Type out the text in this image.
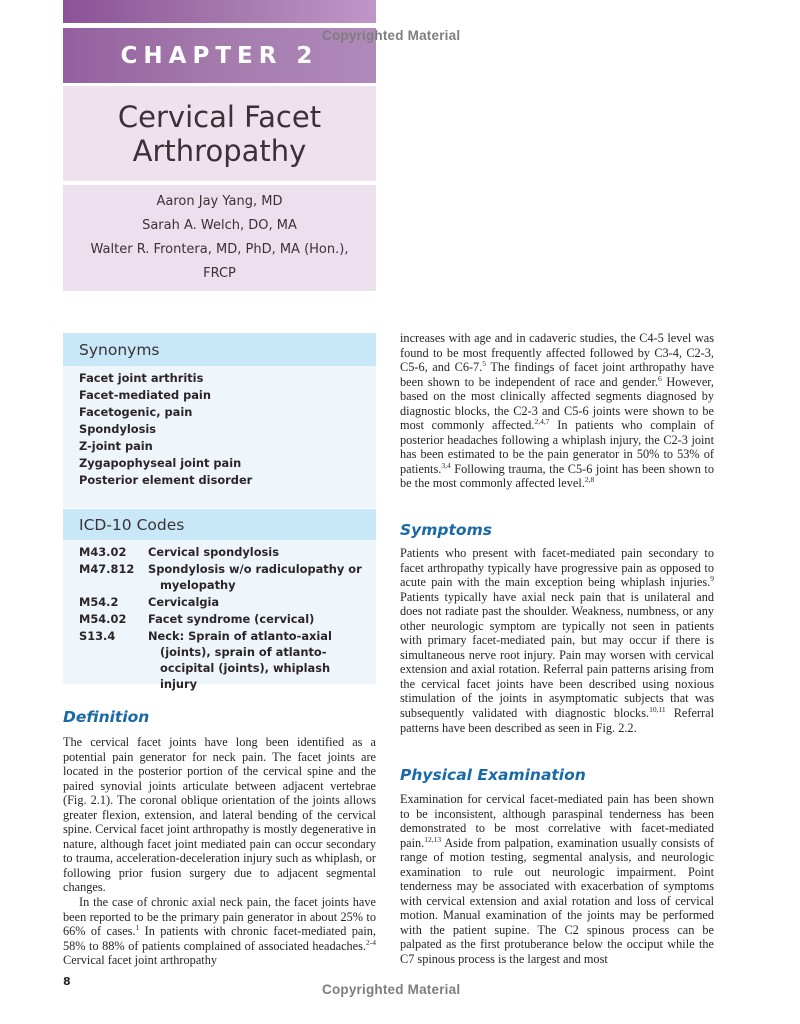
CHAPTER 2
Copyrighted Material
Cervical Facet
Arthropathy
Aaron Jay Yang, MD
Sarah A. Welch, DO, MA
Walter R. Frontera, MD, PhD, MA (Hon.),
FRCP
Synonyms
Facet joint arthritis
Facet-mediated pain
Facetogenic, pain
Spondylosis
Z-joint pain
Zygapophyseal joint pain
Posterior element disorder
ICD-10 Codes
M43.02	Cervical spondylosis
M47.812	Spondylosis w/o radiculopathy or myelopathy
M54.2	Cervicalgia
M54.02	Facet syndrome (cervical)
S13.4	Neck: Sprain of atlanto-axial (joints), sprain of atlanto-occipital (joints), whiplash injury
Definition

The cervical facet joints have long been identified as a potential pain generator for neck pain. The facet joints are located in the posterior portion of the cervical spine and the paired synovial joints articulate between adjacent vertebrae (Fig. 2.1). The coronal oblique orientation of the joints allows greater flexion, extension, and lateral bending of the cervical spine. Cervical facet joint arthropathy is mostly degenerative in nature, although facet joint mediated pain can occur secondary to trauma, acceleration-deceleration injury such as whiplash, or following prior fusion surgery due to adjacent segmental changes.

In the case of chronic axial neck pain, the facet joints have been reported to be the primary pain generator in about 25% to 66% of cases.$^1$ In patients with chronic facet-mediated pain, 58% to 88% of patients complained of associated headaches.$^{2-4}$ Cervical facet joint arthropathy

increases with age and in cadaveric studies, the C4-5 level was found to be most frequently affected followed by C3-4, C2-3, C5-6, and C6-7.$^5$ The findings of facet joint arthropathy have been shown to be independent of race and gender.$^6$ However, based on the most clinically affected segments diagnosed by diagnostic blocks, the C2-3 and C5-6 joints were shown to be most commonly affected.$^{2,4,7}$ In patients who complain of posterior headaches following a whiplash injury, the C2-3 joint has been estimated to be the pain generator in 50% to 53% of patients.$^{3,4}$ Following trauma, the C5-6 joint has been shown to be the most commonly affected level.$^{2,8}$

Symptoms

Patients who present with facet-mediated pain secondary to facet arthropathy typically have progressive pain as opposed to acute pain with the main exception being whiplash injuries.$^9$ Patients typically have axial neck pain that is unilateral and does not radiate past the shoulder. Weakness, numbness, or any other neurologic symptom are typically not seen in patients with primary facet-mediated pain, but may occur if there is simultaneous nerve root injury. Pain may worsen with cervical extension and axial rotation. Referral pain patterns arising from the cervical facet joints have been described using noxious stimulation of the joints in asymptomatic subjects that was subsequently validated with diagnostic blocks.$^{10,11}$ Referral patterns have been described as seen in Fig. 2.2.

Physical Examination

Examination for cervical facet-mediated pain has been shown to be inconsistent, although paraspinal tenderness has been demonstrated to be most correlative with facet-mediated pain.$^{12,13}$ Aside from palpation, examination usually consists of range of motion testing, segmental analysis, and neurologic examination to rule out neurologic impairment. Point tenderness may be associated with exacerbation of symptoms with cervical extension and axial rotation and loss of cervical motion. Manual examination of the joints may be performed with the patient supine. The C2 spinous process can be palpated as the first protuberance below the occiput while the C7 spinous process is the largest and most

8
Copyrighted Material
